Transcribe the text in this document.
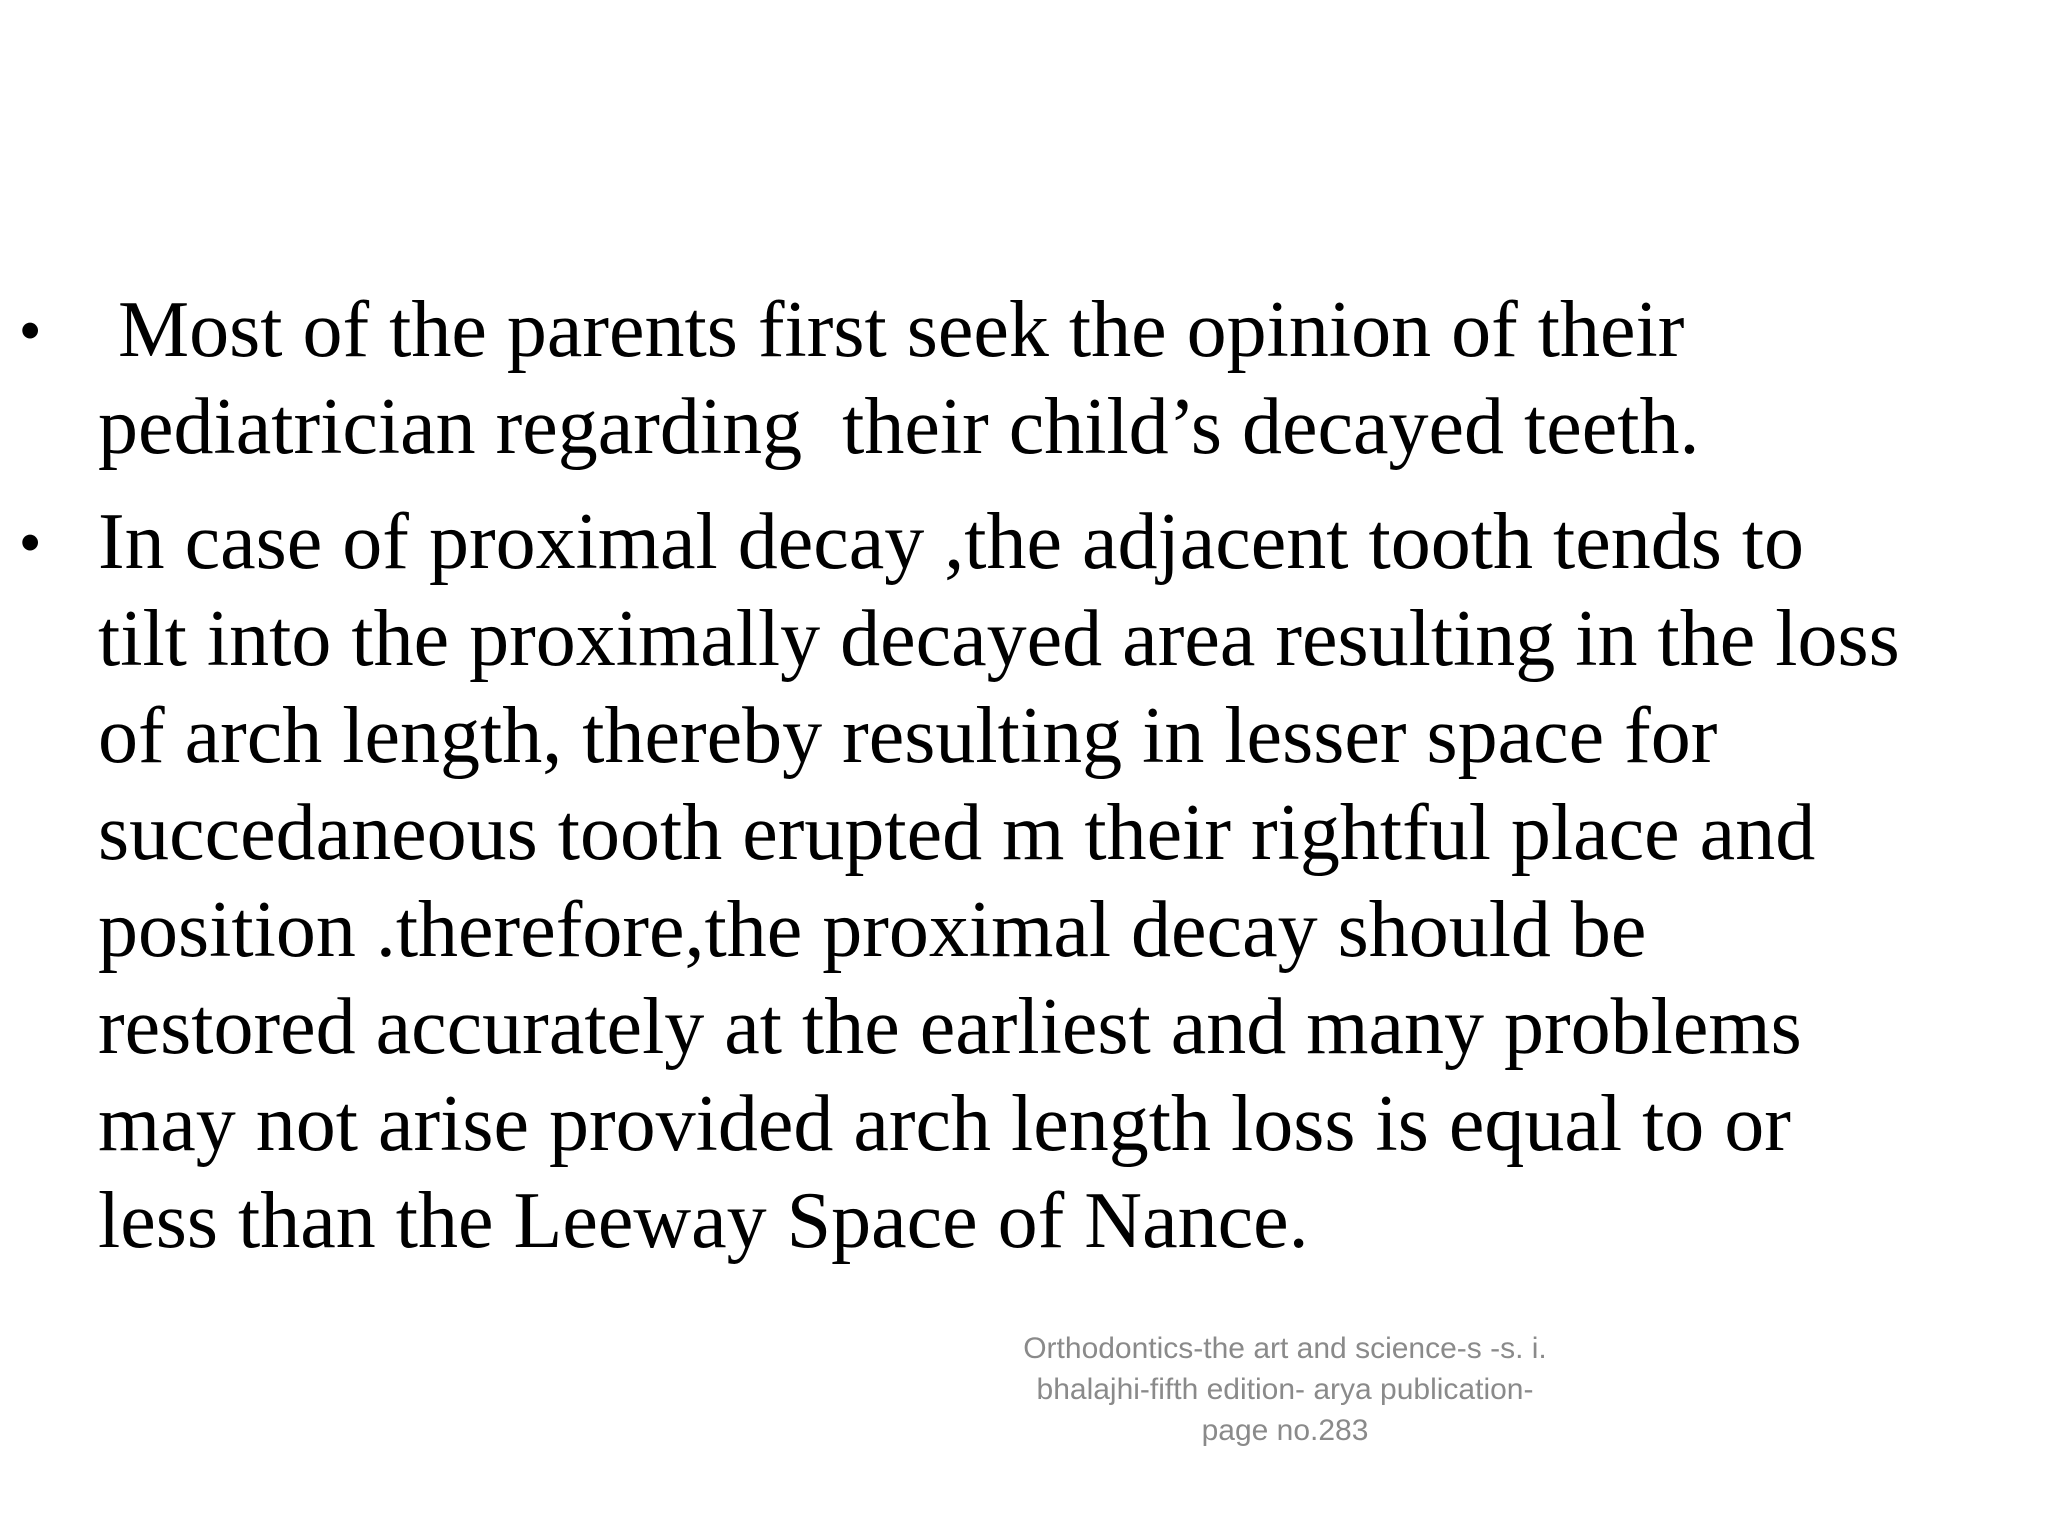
• Most of the parents first seek the opinion of their pediatrician regarding  their child’s decayed teeth.
• In case of proximal decay ,the adjacent tooth tends to tilt into the proximally decayed area resulting in the loss of arch length, thereby resulting in lesser space for succedaneous tooth erupted m their rightful place and position .therefore,the proximal decay should be restored accurately at the earliest and many problems may not arise provided arch length loss is equal to or less than the Leeway Space of Nance.
Orthodontics-the art and science-s -s. i.
bhalajhi-fifth edition- arya publication-
page no.283
